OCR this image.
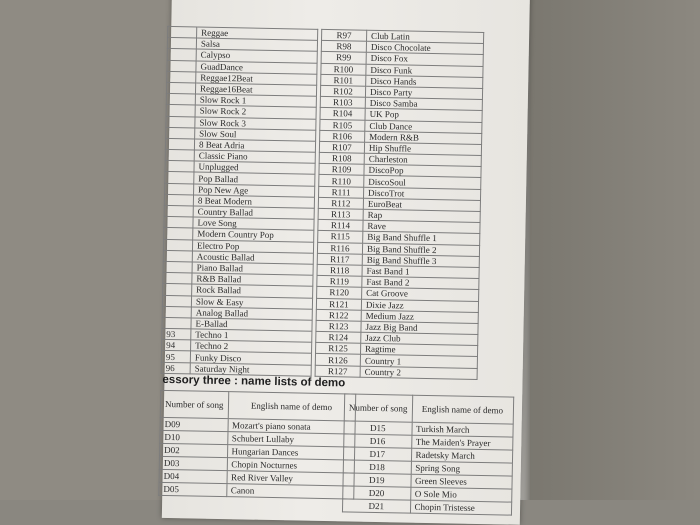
	Reggae
	Salsa
	Calypso
	GuadDance
	Reggae12Beat
	Reggae16Beat
	Slow Rock 1
	Slow Rock 2
	Slow Rock 3
	Slow Soul
	8 Beat Adria
	Classic Piano
	Unplugged
	Pop Ballad
	Pop New Age
	8 Beat Modern
	Country Ballad
	Love Song
	Modern Country Pop
	Electro Pop
	Acoustic Ballad
	Piano Ballad
	R&B Ballad
	Rock Ballad
	Slow & Easy
	Analog Ballad
	E-Ballad
93	Techno 1
94	Techno 2
95	Funky Disco
96	Saturday Night
R97	Club Latin
R98	Disco Chocolate
R99	Disco Fox
R100	Disco Funk
R101	Disco Hands
R102	Disco Party
R103	Disco Samba
R104	UK Pop
R105	Club Dance
R106	Modern R&B
R107	Hip Shuffle
R108	Charleston
R109	DiscoPop
R110	DiscoSoul
R111	DiscoTrot
R112	EuroBeat
R113	Rap
R114	Rave
R115	Big Band Shuffle 1
R116	Big Band Shuffle 2
R117	Big Band Shuffle 3
R118	Fast Band 1
R119	Fast Band 2
R120	Cat Groove
R121	Dixie Jazz
R122	Medium Jazz
R123	Jazz Big Band
R124	Jazz Club
R125	Ragtime
R126	Country 1
R127	Country 2
essory three : name lists of demo
Number of song	English name of demo
D09	Mozart's piano sonata
D10	Schubert Lullaby
D02	Hungarian Dances
D03	Chopin Nocturnes
D04	Red River Valley
D05	Canon
Number of song	English name of demo
D15	Turkish March
D16	The Maiden's Prayer
D17	Radetsky March
D18	Spring Song
D19	Green Sleeves
D20	O Sole Mio
D21	Chopin Tristesse
